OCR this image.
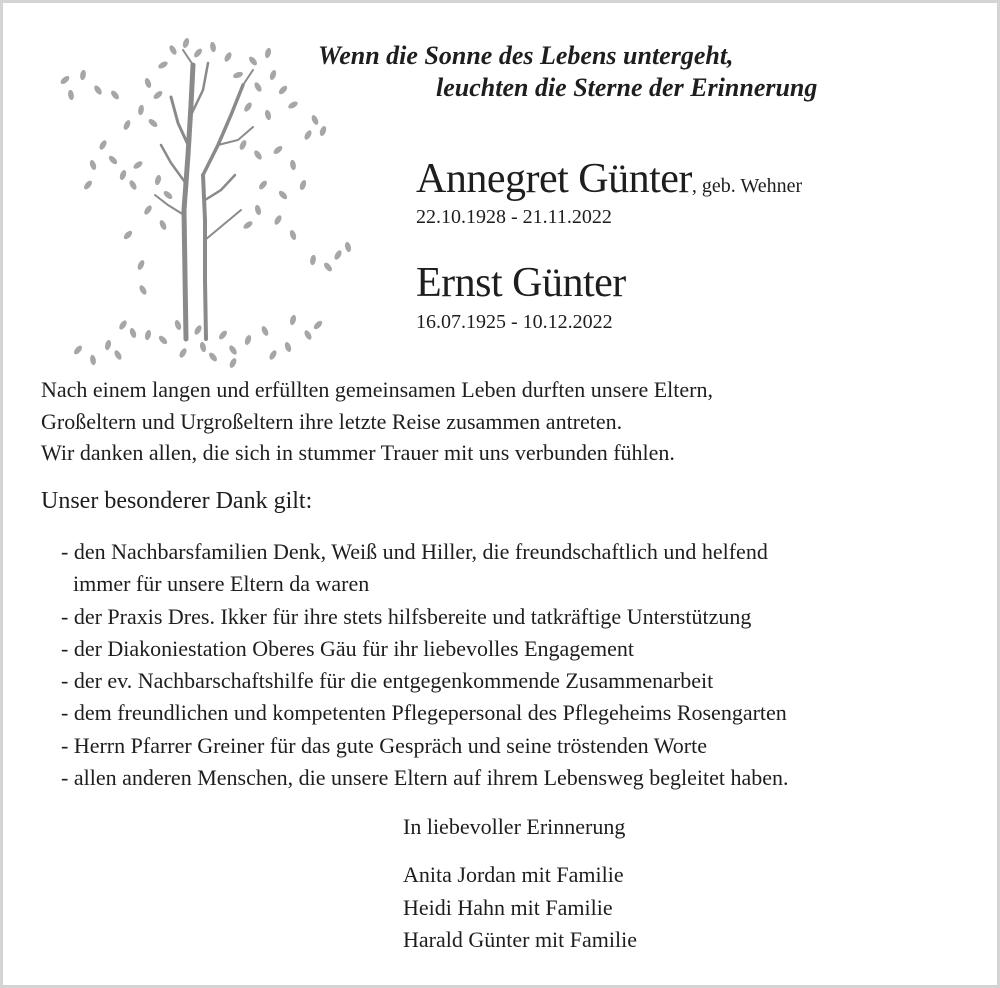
Wenn die Sonne des Lebens untergeht,
leuchten die Sterne der Erinnerung
Annegret Günter, geb. Wehner
22.10.1928 - 21.11.2022
Ernst Günter
16.07.1925 - 10.12.2022
Nach einem langen und erfüllten gemeinsamen Leben durften unsere Eltern,
Großeltern und Urgroßeltern ihre letzte Reise zusammen antreten.
Wir danken allen, die sich in stummer Trauer mit uns verbunden fühlen.
Unser besonderer Dank gilt:
- den Nachbarsfamilien Denk, Weiß und Hiller, die freundschaftlich und helfend
immer für unsere Eltern da waren
- der Praxis Dres. Ikker für ihre stets hilfsbereite und tatkräftige Unterstützung
- der Diakoniestation Oberes Gäu für ihr liebevolles Engagement
- der ev. Nachbarschaftshilfe für die entgegenkommende Zusammenarbeit
- dem freundlichen und kompetenten Pflegepersonal des Pflegeheims Rosengarten
- Herrn Pfarrer Greiner für das gute Gespräch und seine tröstenden Worte
- allen anderen Menschen, die unsere Eltern auf ihrem Lebensweg begleitet haben.
In liebevoller Erinnerung
Anita Jordan mit Familie
Heidi Hahn mit Familie
Harald Günter mit Familie
